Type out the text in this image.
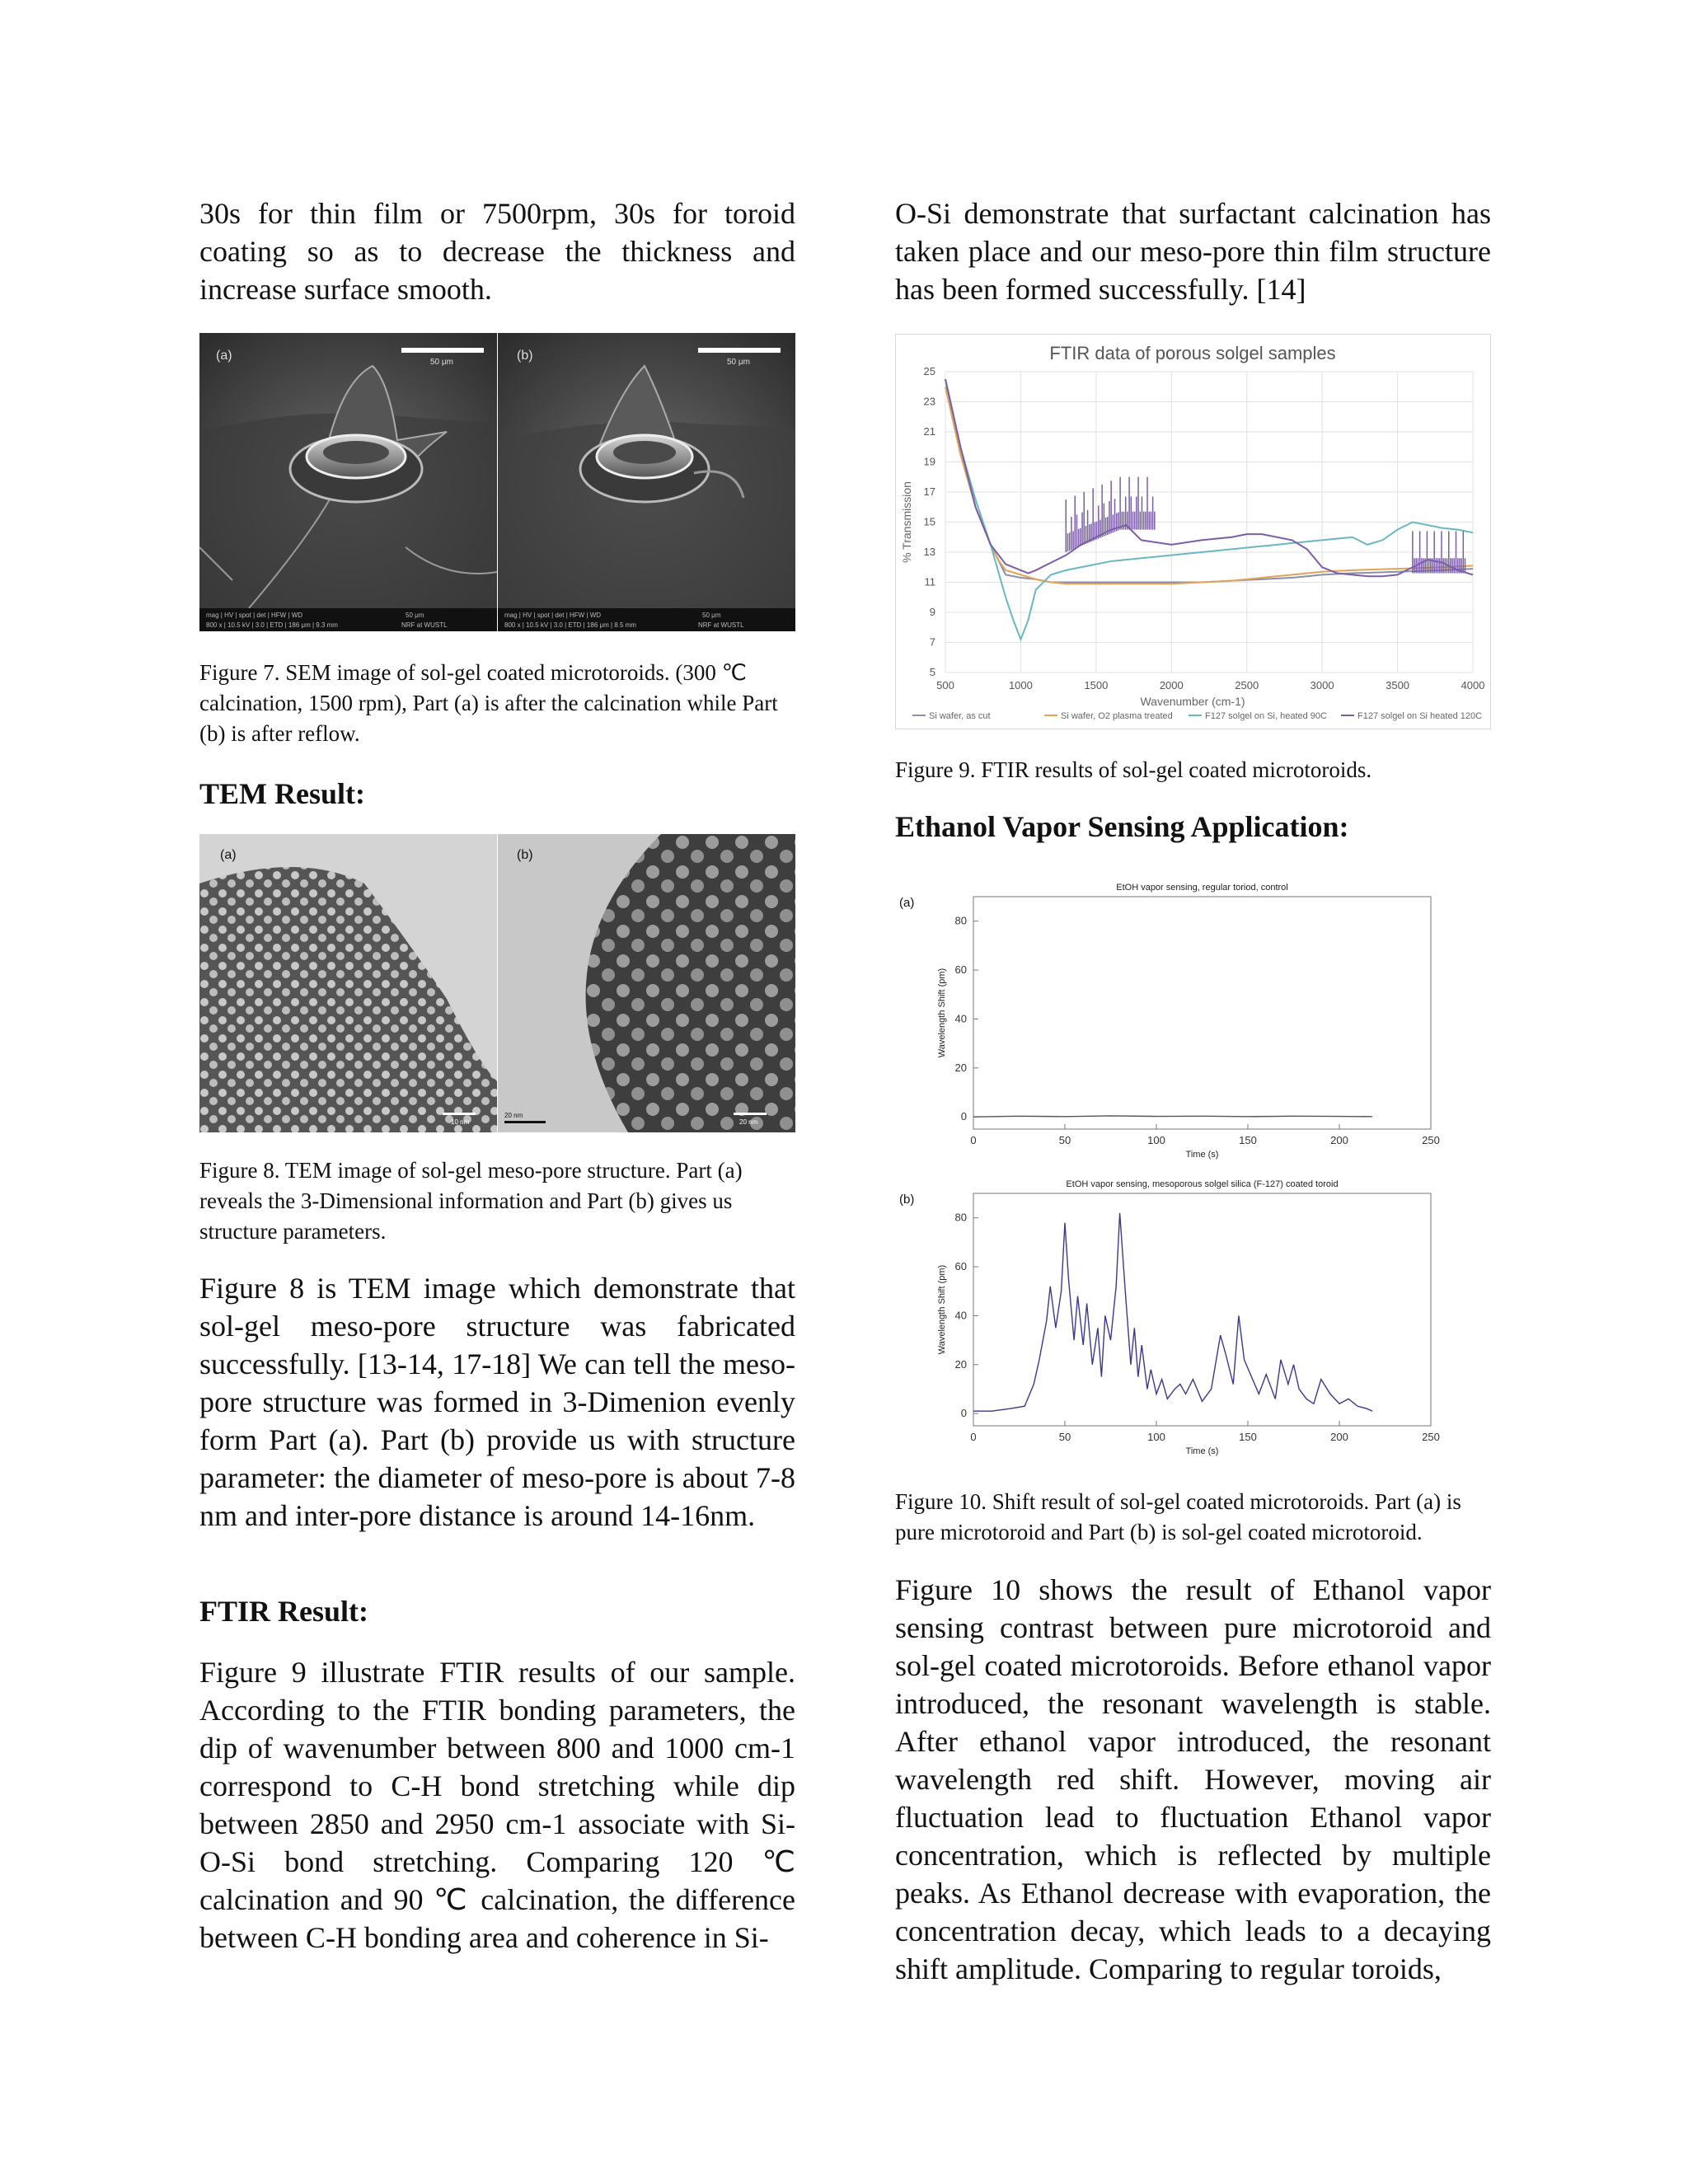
30s for thin film or 7500rpm, 30s for toroid coating so as to decrease the thickness and increase surface smooth.

(a)	50 μm
mag | HV | spot | det | HFW | WD
800 x | 10.5 kV | 3.0 | ETD | 186 μm | 9.3 mm
50 μm
NRF at WUSTL
(b)	50 μm
mag | HV | spot | det | HFW | WD
800 x | 10.5 kV | 3.0 | ETD | 186 μm | 8.5 mm
50 μm
NRF at WUSTL

Figure 7. SEM image of sol-gel coated microtoroids. (300 ℃ calcination, 1500 rpm), Part (a) is after the calcination while Part (b) is after reflow.

TEM Result:
(a)	(b)
10 nm
20 nm
20 nm

Figure 8. TEM image of sol-gel meso-pore structure. Part (a) reveals the 3-Dimensional information and Part (b) gives us structure parameters.

Figure 8 is TEM image which demonstrate that sol-gel meso-pore structure was fabricated successfully. [13-14, 17-18] We can tell the meso-pore structure was formed in 3-Dimenion evenly form Part (a). Part (b) provide us with structure parameter: the diameter of meso-pore is about 7-8 nm and inter-pore distance is around 14-16nm.

FTIR Result:

Figure 9 illustrate FTIR results of our sample. According to the FTIR bonding parameters, the dip of wavenumber between 800 and 1000 cm-1 correspond to C-H bond stretching while dip between 2850 and 2950 cm-1 associate with Si-O-Si bond stretching. Comparing 120 ℃ calcination and 90 ℃ calcination, the difference between C-H bonding area and coherence in Si-

O-Si demonstrate that surfactant calcination has taken place and our meso-pore thin film structure has been formed successfully. [14]

FTIR data of porous solgel samples
500	1000	1500	2000	2500	3000	3500	4000
5
7
9
11
13
15
17
19
21
23
25
Wavenumber (cm-1)
% Transmission
Si wafer, as cut	Si wafer, O2 plasma treated	F127 solgel on Si, heated 90C	F127 solgel on Si heated 120C

Figure 9. FTIR results of sol-gel coated microtoroids.

Ethanol Vapor Sensing Application:
(a)
EtOH vapor sensing, regular toriod, control
0	50	100	150	200	250
0
20
40
60
80
Time (s)
Wavelength Shift (pm)
(b)
EtOH vapor sensing, mesoporous solgel silica (F-127) coated toroid
0	50	100	150	200	250
0
20
40
60
80
Time (s)
Wavelength Shift (pm)

Figure 10. Shift result of sol-gel coated microtoroids. Part (a) is pure microtoroid and Part (b) is sol-gel coated microtoroid.

Figure 10 shows the result of Ethanol vapor sensing contrast between pure microtoroid and sol-gel coated microtoroids. Before ethanol vapor introduced, the resonant wavelength is stable. After ethanol vapor introduced, the resonant wavelength red shift. However, moving air fluctuation lead to fluctuation Ethanol vapor concentration, which is reflected by multiple peaks. As Ethanol decrease with evaporation, the concentration decay, which leads to a decaying shift amplitude. Comparing to regular toroids,
